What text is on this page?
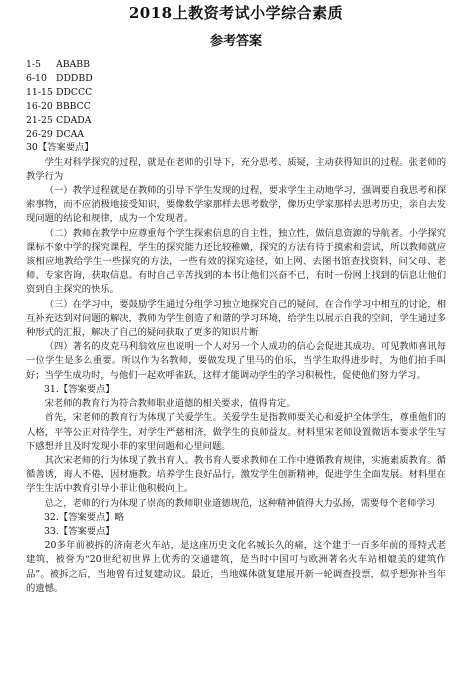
2018上教资考试小学综合素质
参考答案
1-5 ABABB
6-10 DDDBD
11-15 DDCCC
16-20 BBBCC
21-25 CDADA
26-29 DCAA

30【答案要点】

学生对科学探究的过程，就是在老师的引导下，充分思考、质疑，主动获得知识的过程。张老师的教学行为

（一）教学过程就是在教师的引导下学生发现的过程，要求学生主动地学习，强调要自我思考和探索事物，而不应消极地接受知识，要像数学家那样去思考数学，像历史学家那样去思考历史，亲自去发现问题的结论和规律，成为一个发现者。

（二）教师在教学中应尊重每个学生探索信息的自主性，独立性，做信息资源的导航者。小学探究课标不象中学的探究课程，学生的探究能力还比较稚嫩，探究的方法有待于摸索和尝试，所以教师就应该相应地教给学生一些探究的方法，一些有效的探究途径，如上网、去图书馆查找资料，问父母、老师、专家咨询，获取信息。有时自己辛苦找到的本书让他们兴奋不已，有时一份网上找到的信息让他们资到自主探究的快乐。

（三）在学习中，要鼓励学生通过分组学习独立地探究自己的疑问，在合作学习中相互的讨论，相互补充达到对问题的解决，教师为学生创造了和谐的学习环境，给学生以展示自我的空间，学生通过多种形式的汇报，解决了自己的疑问获取了更多的知识片断

（四）著名的皮克马利翁效应也说明一个人对另一个人成功的信心会促进其成功。可见教师喜讯每一位学生是多么重要。所以作为名教师，要做发现了里马的伯乐，当学生取得进步时，为他们拍手叫好；当学生成功时，与他们一起欢呼雀跃，这样才能调动学生的学习积极性，促使他们努力学习。

31.【答案要点】

宋老师的教育行为符合教师职业道德的相关要求，值得肯定。

首先，宋老师的教育行为体现了关爱学生。关爱学生是指教师要关心和爱护全体学生，尊重他们的人格，平等公正对待学生，对学生严慈相济，做学生的良师益友。材料里宋老师设置微语本要求学生写下感想并且及时发现小菲的家里问题和心里问题。

其次宋老师的行为体现了教书育人。教书育人要求教师在工作中遵循教育规律，实施素质教育。循循善诱，诲人不倦，因材施教。培养学生良好品行，激发学生创新精神，促进学生全面发展。材料里在学生生活中教育引导小菲让他积极向上。

总之，老师的行为体现了崇高的教师职业道德规范，这种精神值得大力弘扬，需要每个老师学习

32.【答案要点】略

33.【答案要点】

20多年前被拆的济南老火车站，是这座历史文化名城长久的痛，这个建于一百多年前的哥特式老建筑，被誉为“20世纪初世界上优秀的交通建筑，是当时中国可与欧洲著名火车站相媲美的建筑作品”。被拆之后，当地曾有过复建动议。最近，当地媒体就复建展开新一轮调查投票，似乎想弥补当年的遗憾。
